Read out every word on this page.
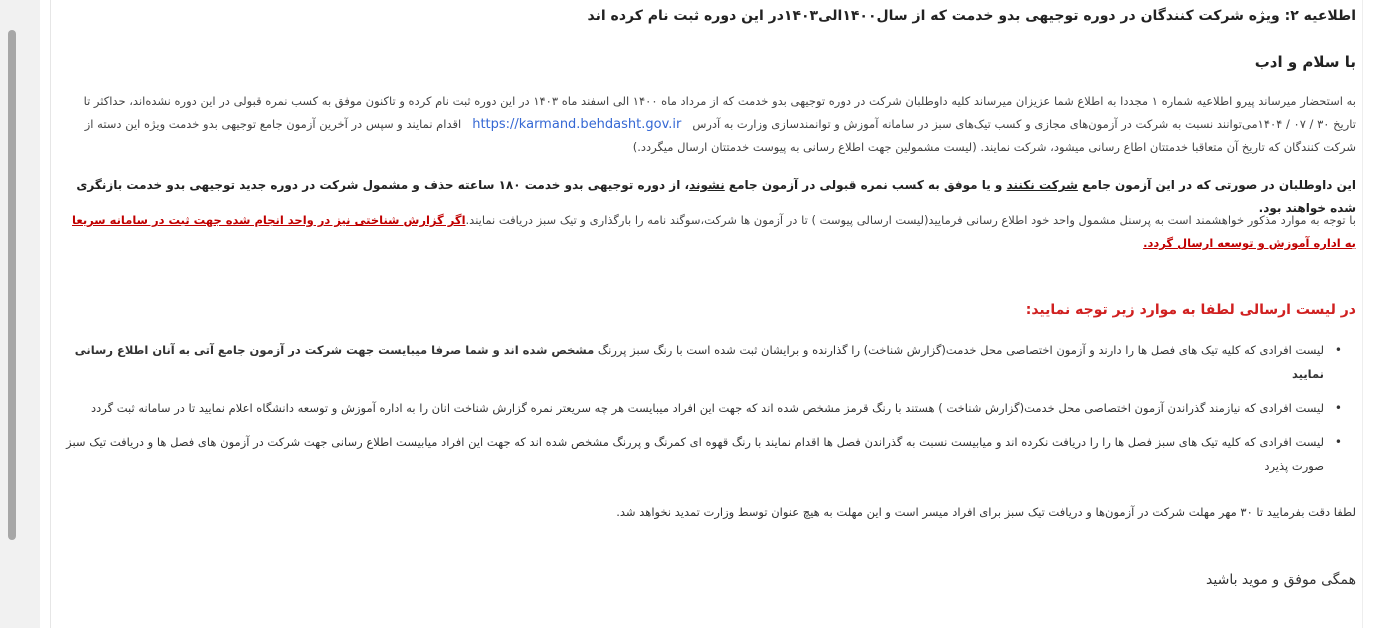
اطلاعیه ۲: ویژه شرکت کنندگان در دوره توجیهی بدو خدمت که از سال۱۴۰۰الی۱۴۰۳در این دوره ثبت نام کرده اند
با سلام و ادب
به استحضار میرساند پیرو اطلاعیه شماره ۱ مجددا به اطلاع شما عزیزان میرساند کلیه داوطلبان شرکت در دوره توجیهی بدو خدمت که از مرداد ماه ۱۴۰۰ الی اسفند ماه ۱۴۰۳ در این دوره ثبت نام کرده و تاکنون موفق به کسب نمره قبولی در این دوره نشده‌اند، حداکثر تا تاریخ ۳۰ / ۰۷ / ۱۴۰۴می‌توانند نسبت به شرکت در آزمون‌های مجازی و کسب تیک‌های سبز در سامانه آموزش و توانمندسازی وزارت به آدرس   https://karmand.behdasht.gov.ir   اقدام نمایند و سپس در آخرین آزمون جامع توجیهی بدو خدمت ویژه این دسته از شرکت کنندگان که تاریخ آن متعاقبا خدمتتان اطاع رسانی میشود، شرکت نمایند. (لیست مشمولین جهت اطلاع رسانی به پیوست خدمتتان ارسال میگردد.)
این داوطلبان در صورتی که در این آزمون جامع شرکت نکنند و یا موفق به کسب نمره قبولی در آزمون جامع نشوند، از دوره توجیهی بدو خدمت ۱۸۰ ساعته حذف و مشمول شرکت در دوره جدید توجیهی بدو خدمت بازنگری شده خواهند بود.
با توجه به موارد مذکور خواهشمند است به پرسنل مشمول واحد خود اطلاع رسانی فرمایید(لیست ارسالی پیوست ) تا در آزمون ها شرکت،سوگند نامه را بارگذاری و تیک سبز دریافت نمایند.اگر گزارش شناختی نیز در واحد انجام شده جهت ثبت در سامانه سریعا به اداره آموزش و توسعه ارسال گردد.
در لیست ارسالی لطفا به موارد زیر توجه نمایید:
• لیست افرادی که کلیه تیک های فصل ها را دارند و آزمون اختصاصی محل خدمت(گزارش شناخت) را گذارنده و برایشان ثبت شده است با رنگ سبز پررنگ مشخص شده اند و شما صرفا میبایست جهت شرکت در آزمون جامع آتی به آنان اطلاع رسانی نمایید
• لیست افرادی که نیازمند گذراندن آزمون اختصاصی محل خدمت(گزارش شناخت ) هستند با رنگ قرمز مشخص شده اند که جهت این افراد میبایست هر چه سریعتر نمره گزارش شناخت انان را به اداره آموزش و توسعه دانشگاه اعلام نمایید تا در سامانه ثبت گردد
• لیست افرادی که کلیه تیک های سبز فصل ها را را دریافت نکرده اند و میابیست نسبت به گذراندن فصل ها اقدام نمایند با رنگ قهوه ای کمرنگ و پررنگ مشخص شده اند که جهت این افراد میابیست اطلاع رسانی جهت شرکت در آزمون های فصل ها و دریافت تیک سبز صورت پذیرد
لطفا دقت بفرمایید تا ۳۰ مهر مهلت شرکت در آزمون‌ها و دریافت تیک سبز برای افراد میسر است و این مهلت به هیچ عنوان توسط وزارت تمدید نخواهد شد.
همگی موفق و موید باشید
